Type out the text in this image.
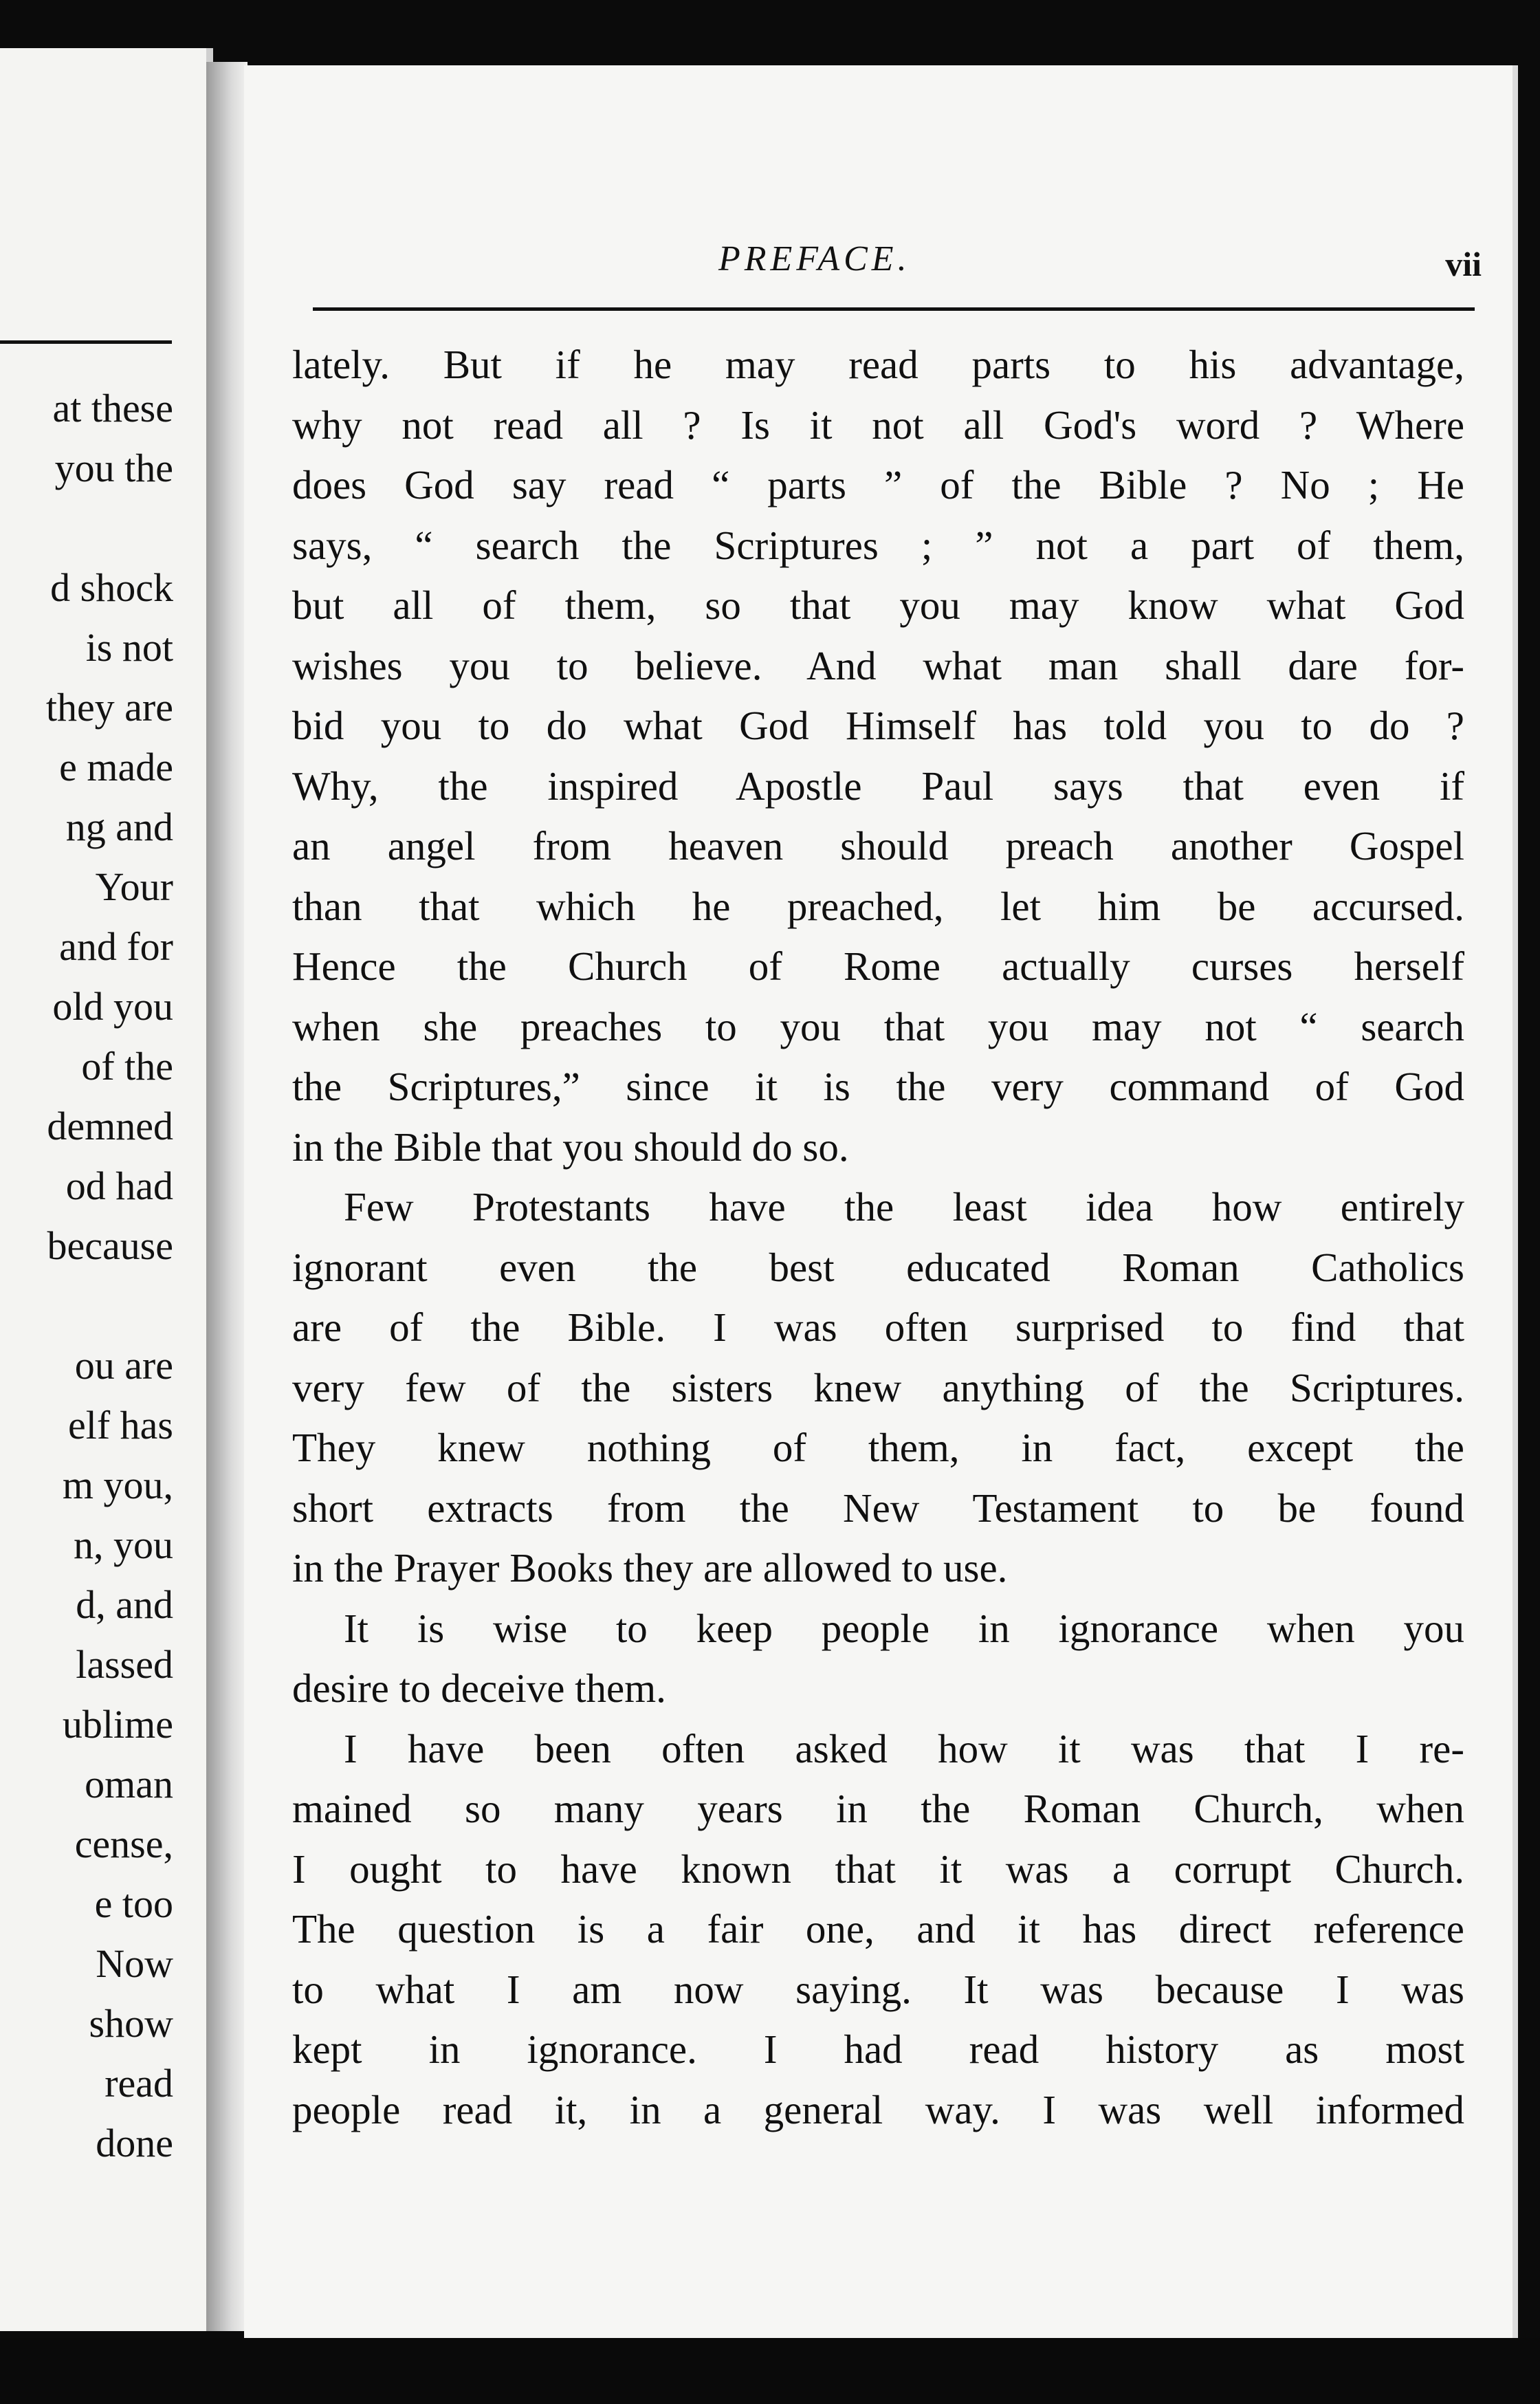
at these
you the
d shock
is not
they are
e made
ng and
Your
and for
old you
of the
demned
od had
because
ou are
elf has
m you,
n, you
d, and
lassed
ublime
oman
cense,
e too
Now
show
read
done
PREFACE.	vii
lately. But if he may read parts to his advantage,
why not read all ? Is it not all God's word ? Where
does God say read “ parts ” of the Bible ? No ; He
says, “ search the Scriptures ; ” not a part of them,
but all of them, so that you may know what God
wishes you to believe. And what man shall dare for-
bid you to do what God Himself has told you to do ?
Why, the inspired Apostle Paul says that even if
an angel from heaven should preach another Gospel
than that which he preached, let him be accursed.
Hence the Church of Rome actually curses herself
when she preaches to you that you may not “ search
the Scriptures,” since it is the very command of God
in the Bible that you should do so.
Few Protestants have the least idea how entirely
ignorant even the best educated Roman Catholics
are of the Bible. I was often surprised to find that
very few of the sisters knew anything of the Scriptures.
They knew nothing of them, in fact, except the
short extracts from the New Testament to be found
in the Prayer Books they are allowed to use.
It is wise to keep people in ignorance when you
desire to deceive them.
I have been often asked how it was that I re-
mained so many years in the Roman Church, when
I ought to have known that it was a corrupt Church.
The question is a fair one, and it has direct reference
to what I am now saying. It was because I was
kept in ignorance. I had read history as most
people read it, in a general way. I was well informed
